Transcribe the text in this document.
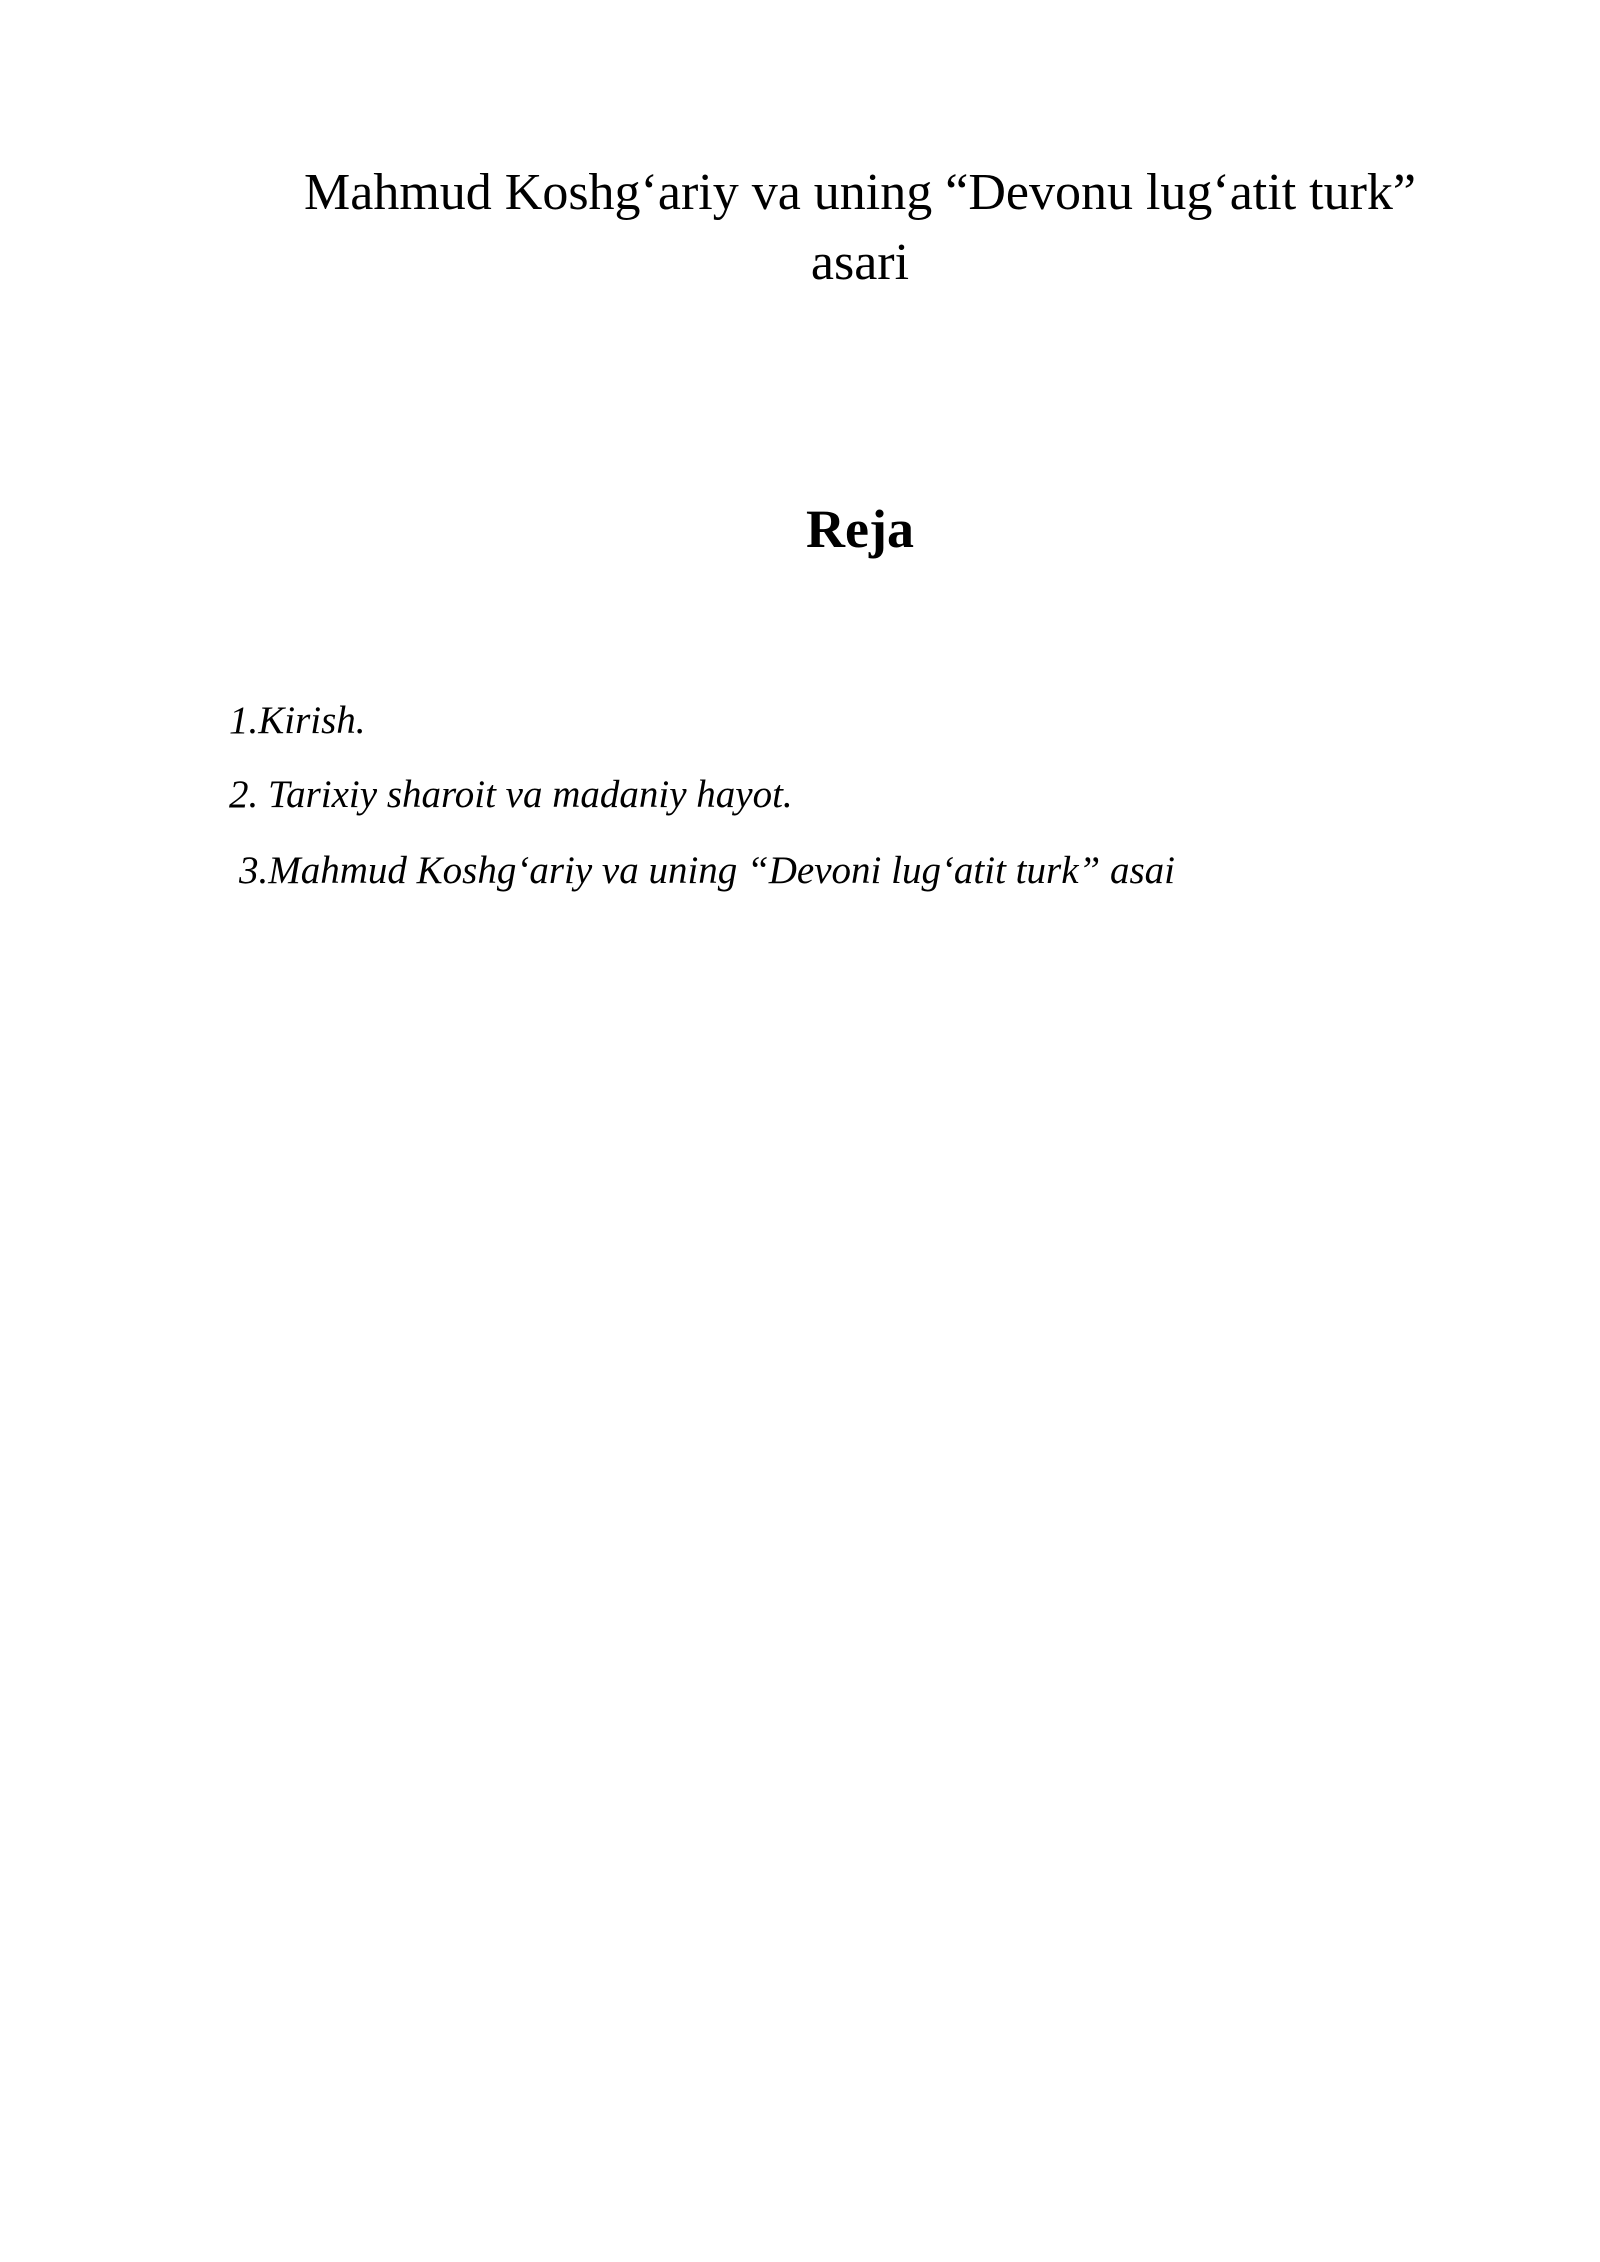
Mahmud Koshg‘ariy va uning “Devonu lug‘atit turk” asari
Reja
1.Kirish.
2. Tarixiy sharoit va madaniy hayot.
3.Mahmud Koshg‘ariy va uning “Devoni lug‘atit turk” asai
